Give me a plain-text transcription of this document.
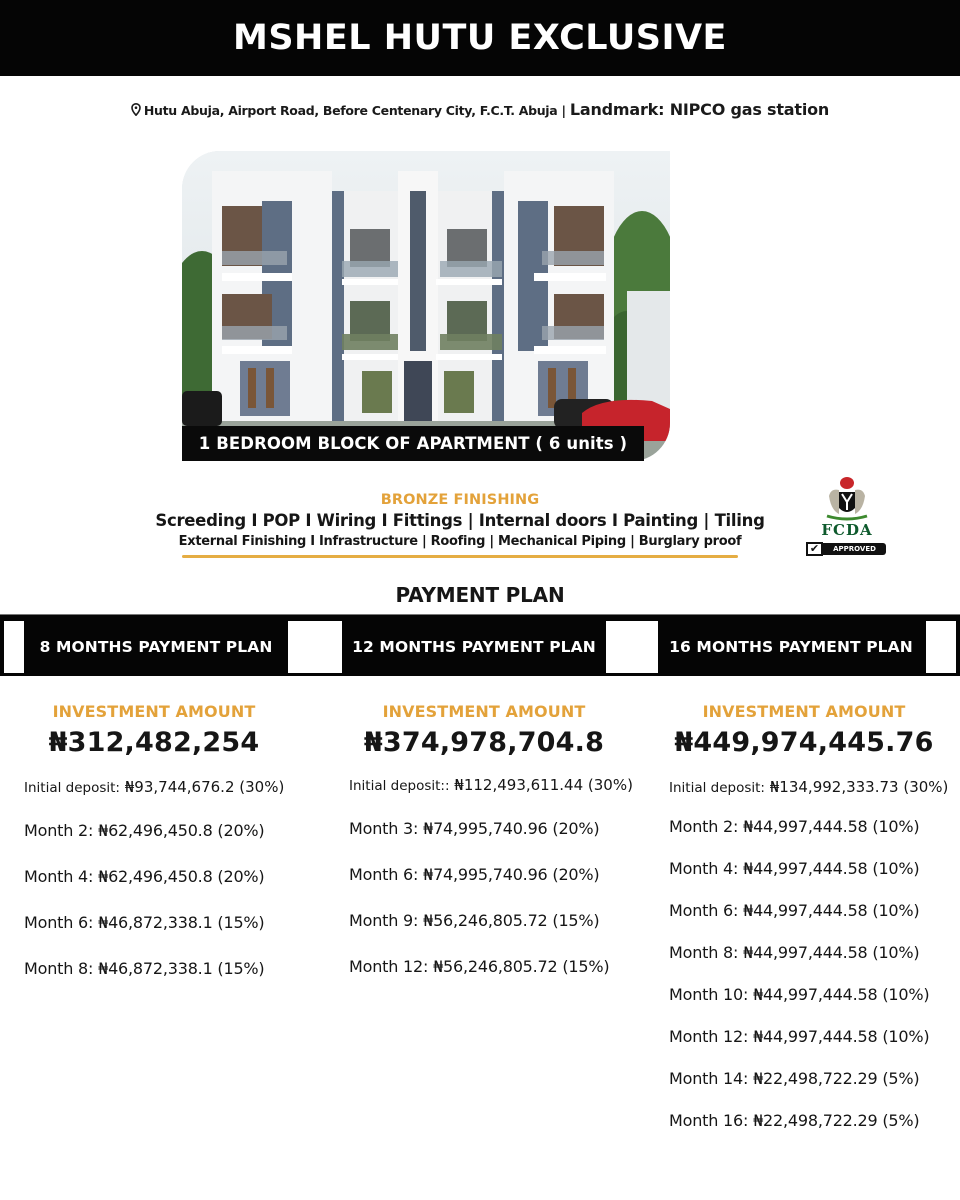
MSHEL HUTU EXCLUSIVE
Hutu Abuja, Airport Road, Before Centenary City, F.C.T. Abuja | Landmark: NIPCO gas station
1 BEDROOM BLOCK OF APARTMENT ( 6 units )
BRONZE FINISHING
Screeding I POP I Wiring I Fittings | Internal doors I Painting | Tiling
External Finishing I Infrastructure | Roofing | Mechanical Piping | Burglary proof
FCDA
✔	APPROVED
PAYMENT PLAN
8 MONTHS PAYMENT PLAN	12 MONTHS PAYMENT PLAN	16 MONTHS PAYMENT PLAN
INVESTMENT AMOUNT
₦312,482,254
Initial deposit: ₦93,744,676.2 (30%)
Month 2: ₦62,496,450.8 (20%)
Month 4: ₦62,496,450.8 (20%)
Month 6: ₦46,872,338.1 (15%)
Month 8: ₦46,872,338.1 (15%)
INVESTMENT AMOUNT
₦374,978,704.8
Initial deposit:: ₦112,493,611.44 (30%)
Month 3: ₦74,995,740.96 (20%)
Month 6: ₦74,995,740.96 (20%)
Month 9: ₦56,246,805.72 (15%)
Month 12: ₦56,246,805.72 (15%)
INVESTMENT AMOUNT
₦449,974,445.76
Initial deposit: ₦134,992,333.73 (30%)
Month 2: ₦44,997,444.58 (10%)
Month 4: ₦44,997,444.58 (10%)
Month 6: ₦44,997,444.58 (10%)
Month 8: ₦44,997,444.58 (10%)
Month 10: ₦44,997,444.58 (10%)
Month 12: ₦44,997,444.58 (10%)
Month 14: ₦22,498,722.29 (5%)
Month 16: ₦22,498,722.29 (5%)
